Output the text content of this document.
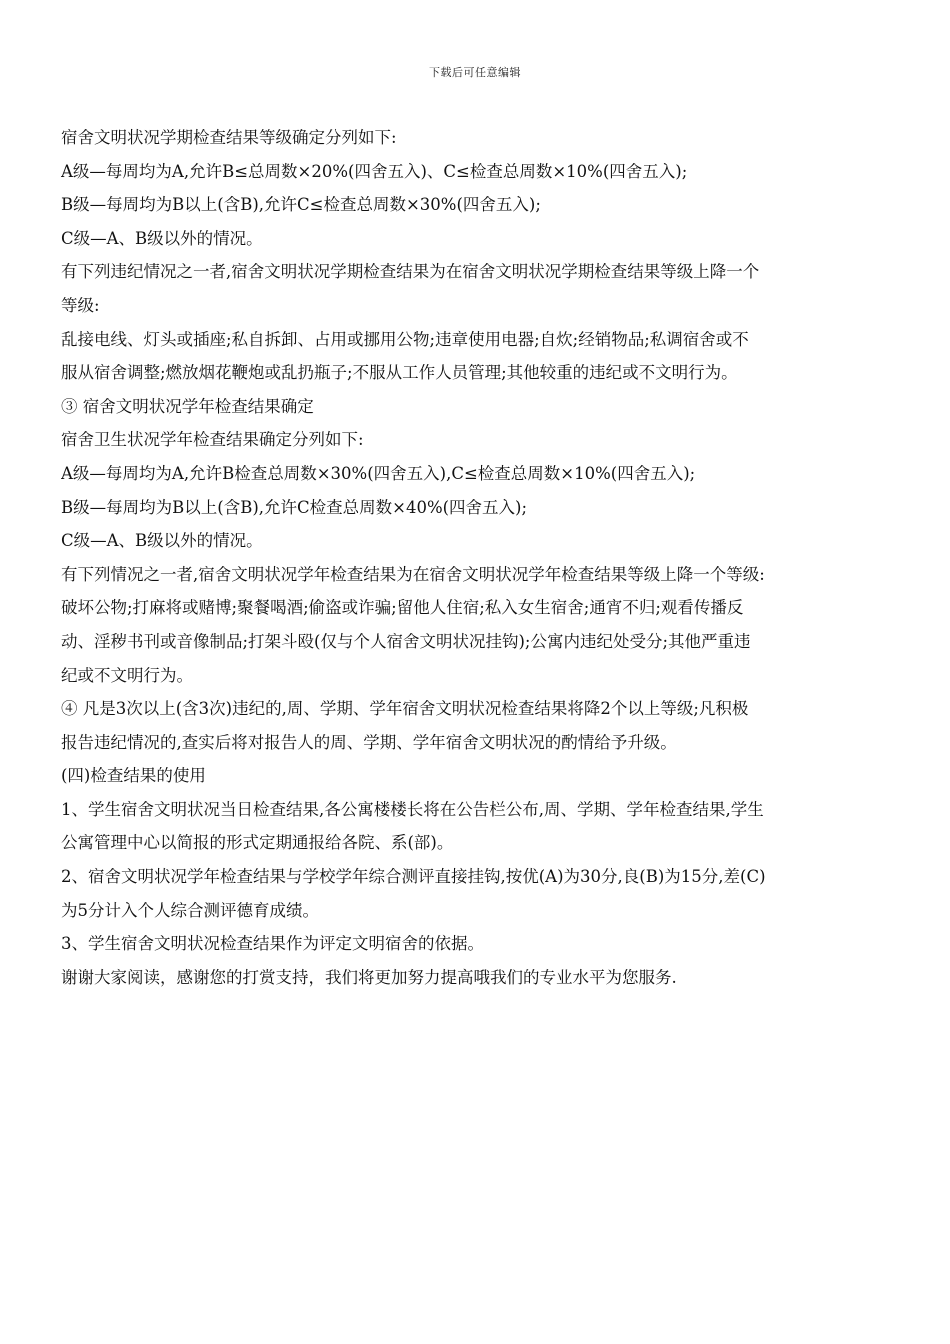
下载后可任意编辑
宿舍文明状况学期检查结果等级确定分列如下:
A级—每周均为A,允许B≤总周数×20%(四舍五入)、C≤检查总周数×10%(四舍五入);
B级—每周均为B以上(含B),允许C≤检查总周数×30%(四舍五入);
C级—A、B级以外的情况。
有下列违纪情况之一者,宿舍文明状况学期检查结果为在宿舍文明状况学期检查结果等级上降一个
等级:
乱接电线、灯头或插座;私自拆卸、占用或挪用公物;违章使用电器;自炊;经销物品;私调宿舍或不
服从宿舍调整;燃放烟花鞭炮或乱扔瓶子;不服从工作人员管理;其他较重的违纪或不文明行为。
③ 宿舍文明状况学年检查结果确定
宿舍卫生状况学年检查结果确定分列如下:
A级—每周均为A,允许B检查总周数×30%(四舍五入),C≤检查总周数×10%(四舍五入);
B级—每周均为B以上(含B),允许C检查总周数×40%(四舍五入);
C级—A、B级以外的情况。
有下列情况之一者,宿舍文明状况学年检查结果为在宿舍文明状况学年检查结果等级上降一个等级:
破坏公物;打麻将或赌博;聚餐喝酒;偷盗或诈骗;留他人住宿;私入女生宿舍;通宵不归;观看传播反
动、淫秽书刊或音像制品;打架斗殴(仅与个人宿舍文明状况挂钩);公寓内违纪处受分;其他严重违
纪或不文明行为。
④ 凡是3次以上(含3次)违纪的,周、学期、学年宿舍文明状况检查结果将降2个以上等级;凡积极
报告违纪情况的,查实后将对报告人的周、学期、学年宿舍文明状况的酌情给予升级。
(四)检查结果的使用
1、学生宿舍文明状况当日检查结果,各公寓楼楼长将在公告栏公布,周、学期、学年检查结果,学生
公寓管理中心以简报的形式定期通报给各院、系(部)。
2、宿舍文明状况学年检查结果与学校学年综合测评直接挂钩,按优(A)为30分,良(B)为15分,差(C)
为5分计入个人综合测评德育成绩。
3、学生宿舍文明状况检查结果作为评定文明宿舍的依据。
谢谢大家阅读，感谢您的打赏支持，我们将更加努力提高哦我们的专业水平为您服务.
